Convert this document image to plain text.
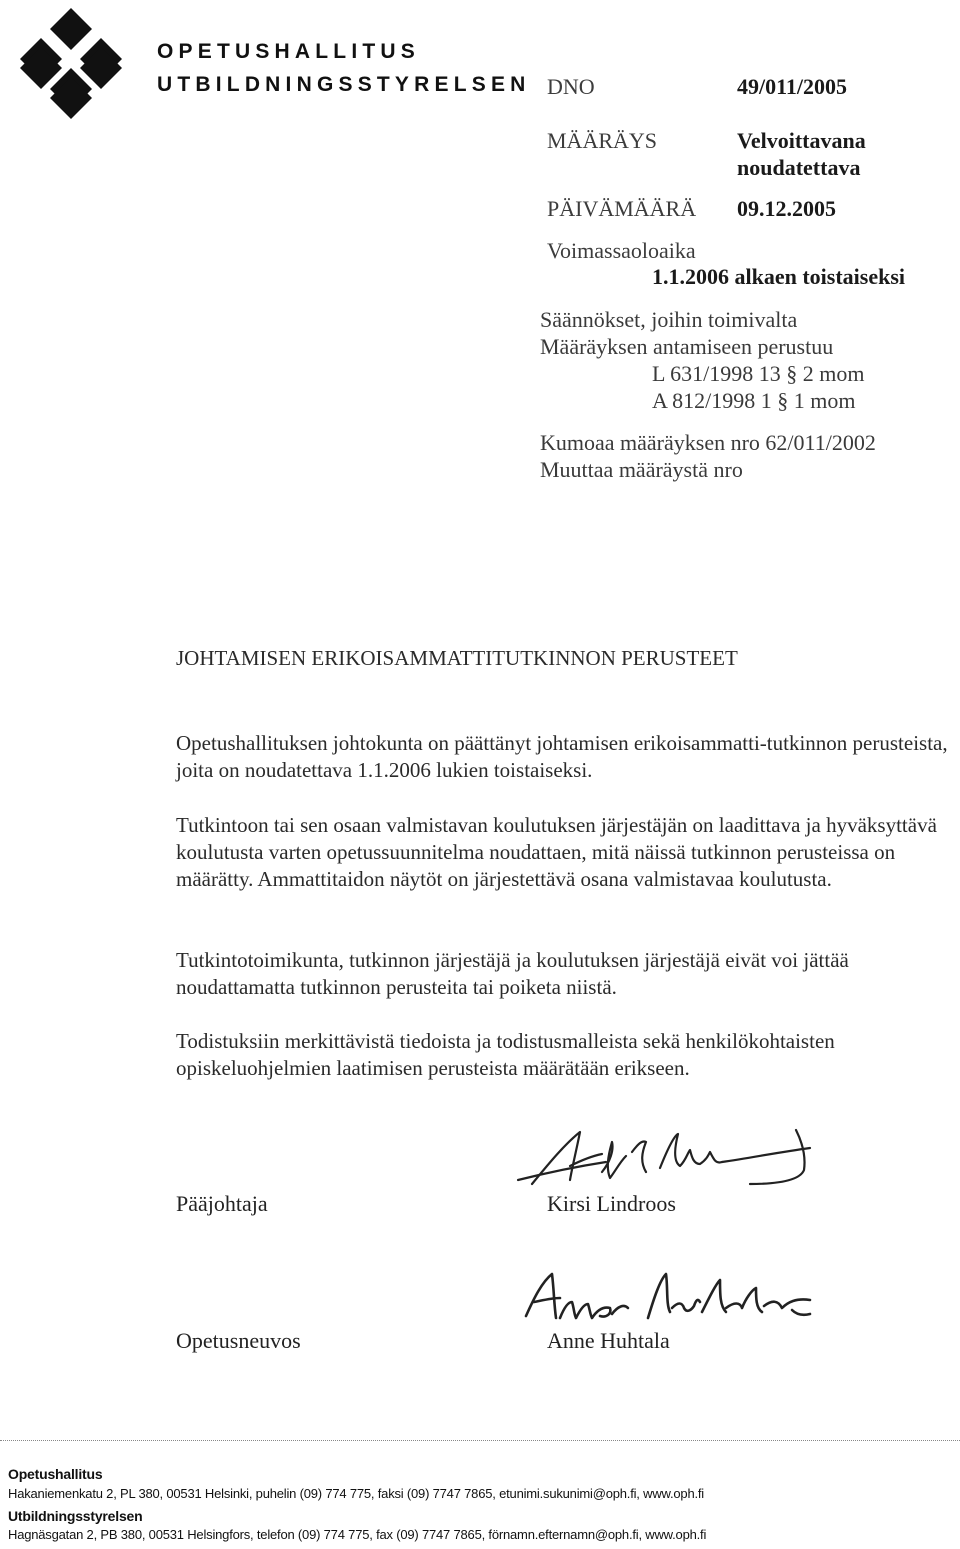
OPETUSHALLITUS
UTBILDNINGSSTYRELSEN DNO	49/011/2005
MÄÄRÄYS	Velvoittavana
noudatettava
PÄIVÄMÄÄRÄ 09.12.2005
Voimassaoloaika
1.1.2006 alkaen toistaiseksi
Säännökset, joihin toimivalta
Määräyksen antamiseen perustuu
L 631/1998 13 § 2 mom
A 812/1998 1 § 1 mom
Kumoaa määräyksen nro 62/011/2002
Muuttaa määräystä nro
JOHTAMISEN ERIKOISAMMATTITUTKINNON PERUSTEET
Opetushallituksen johtokunta on päättänyt johtamisen erikoisammatti-tutkinnon perusteista, joita on noudatettava 1.1.2006 lukien toistaiseksi.
Tutkintoon tai sen osaan valmistavan koulutuksen järjestäjän on laadittava ja hyväksyttävä koulutusta varten opetussuunnitelma noudattaen, mitä näissä tutkinnon perusteissa on määrätty. Ammattitaidon näytöt on järjestettävä osana valmistavaa koulutusta.
Tutkintotoimikunta, tutkinnon järjestäjä ja koulutuksen järjestäjä eivät voi jättää noudattamatta tutkinnon perusteita tai poiketa niistä.
Todistuksiin merkittävistä tiedoista ja todistusmalleista sekä henkilökohtaisten opiskeluohjelmien laatimisen perusteista määrätään erikseen.
Pääjohtaja	Kirsi Lindroos
Opetusneuvos	Anne Huhtala
Opetushallitus
Hakaniemenkatu 2, PL 380, 00531 Helsinki, puhelin (09) 774 775, faksi (09) 7747 7865, etunimi.sukunimi@oph.fi, www.oph.fi
Utbildningsstyrelsen
Hagnäsgatan 2, PB 380, 00531 Helsingfors, telefon (09) 774 775, fax (09) 7747 7865, förnamn.efternamn@oph.fi, www.oph.fi
